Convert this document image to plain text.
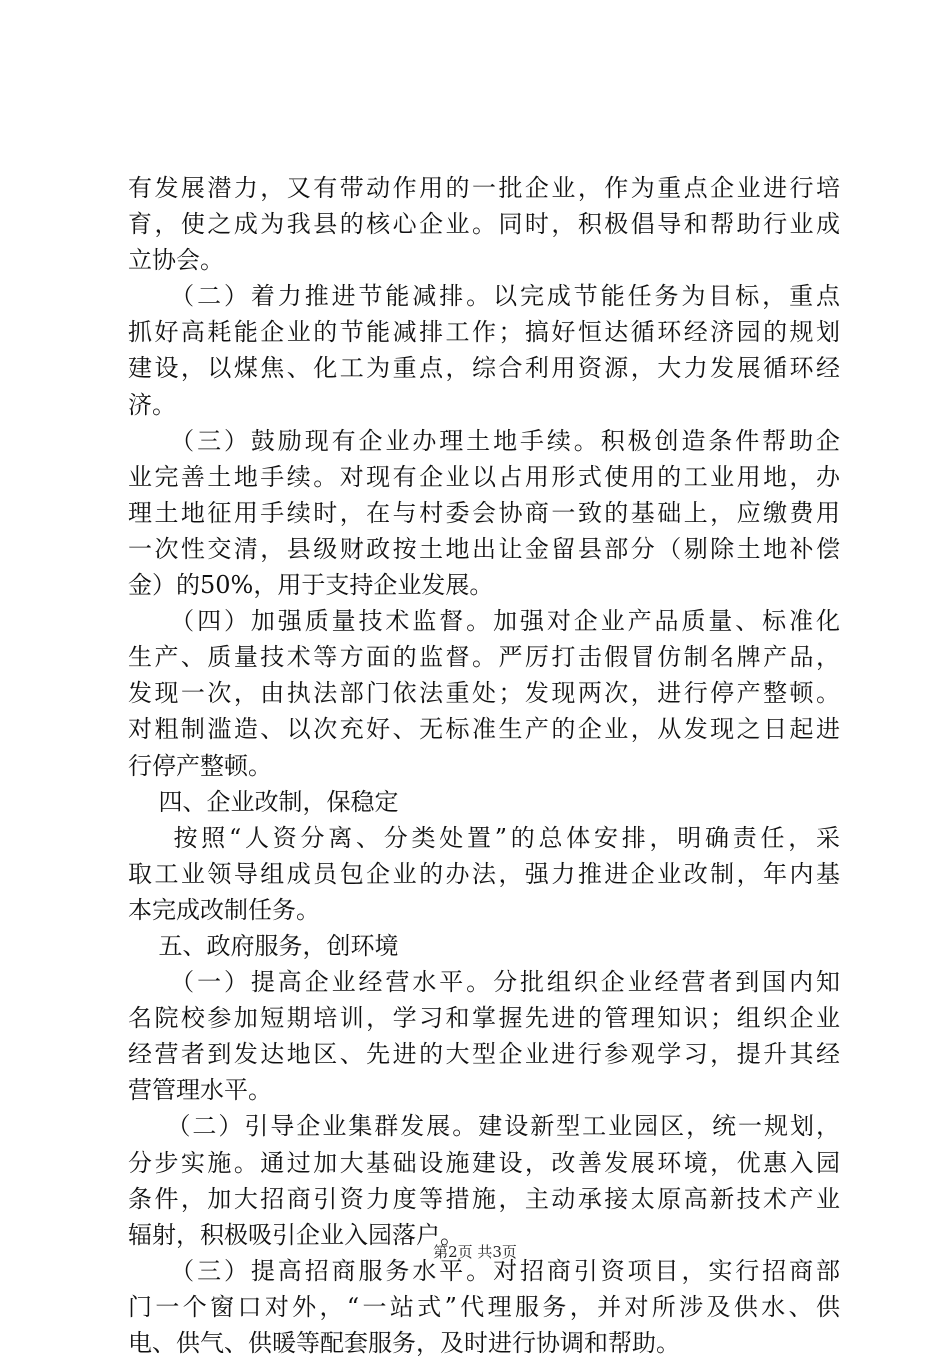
有发展潜力，又有带动作用的一批企业，作为重点企业进行培
育，使之成为我县的核心企业。同时，积极倡导和帮助行业成
立协会。
（二）着力推进节能减排。以完成节能任务为目标，重点
抓好高耗能企业的节能减排工作；搞好恒达循环经济园的规划
建设，以煤焦、化工为重点，综合利用资源，大力发展循环经
济。
（三）鼓励现有企业办理土地手续。积极创造条件帮助企
业完善土地手续。对现有企业以占用形式使用的工业用地，办
理土地征用手续时，在与村委会协商一致的基础上，应缴费用
一次性交清，县级财政按土地出让金留县部分（剔除土地补偿
金）的50%，用于支持企业发展。
（四）加强质量技术监督。加强对企业产品质量、标准化
生产、质量技术等方面的监督。严厉打击假冒仿制名牌产品，
发现一次，由执法部门依法重处；发现两次，进行停产整顿。
对粗制滥造、以次充好、无标准生产的企业，从发现之日起进
行停产整顿。
四、企业改制，保稳定
按照“人资分离、分类处置”的总体安排，明确责任，采
取工业领导组成员包企业的办法，强力推进企业改制，年内基
本完成改制任务。
五、政府服务，创环境
（一）提高企业经营水平。分批组织企业经营者到国内知
名院校参加短期培训，学习和掌握先进的管理知识；组织企业
经营者到发达地区、先进的大型企业进行参观学习，提升其经
营管理水平。
（二）引导企业集群发展。建设新型工业园区，统一规划，
分步实施。通过加大基础设施建设，改善发展环境，优惠入园
条件，加大招商引资力度等措施，主动承接太原高新技术产业
辐射，积极吸引企业入园落户。
（三）提高招商服务水平。对招商引资项目，实行招商部
门一个窗口对外，“一站式”代理服务，并对所涉及供水、供
电、供气、供暖等配套服务，及时进行协调和帮助。
第2页 共3页
